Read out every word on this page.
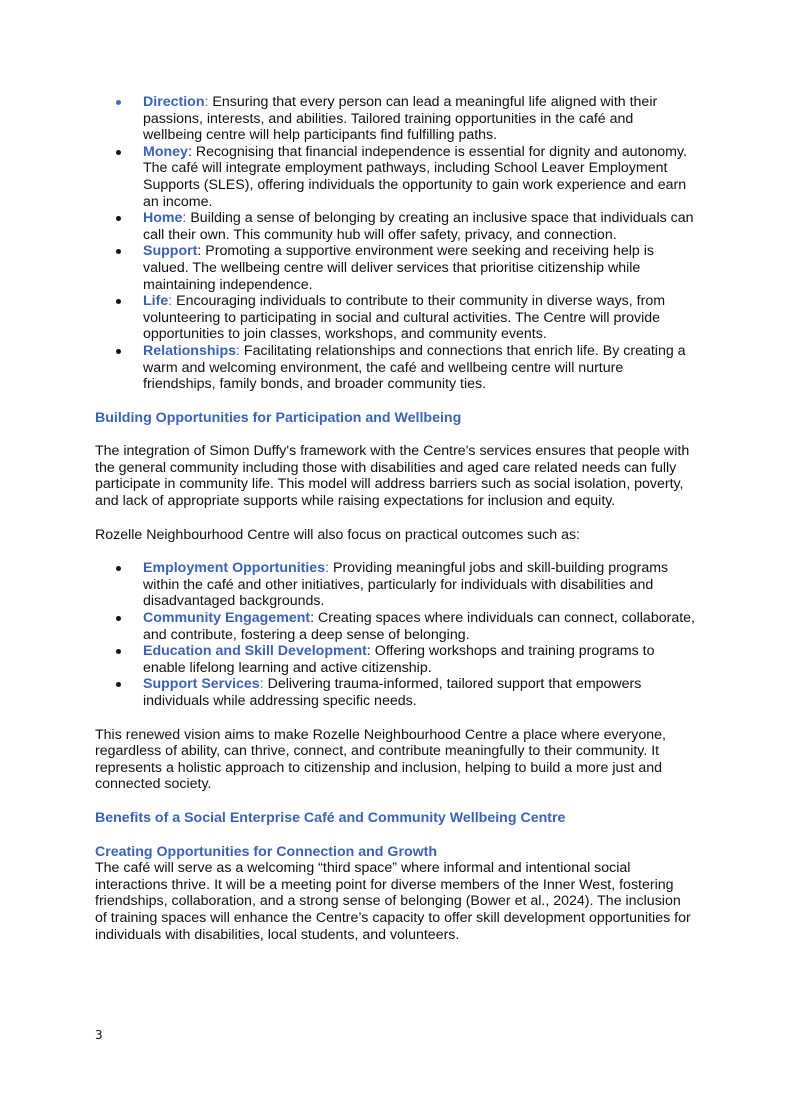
Direction: Ensuring that every person can lead a meaningful life aligned with their passions, interests, and abilities. Tailored training opportunities in the café and wellbeing centre will help participants find fulfilling paths.
Money: Recognising that financial independence is essential for dignity and autonomy. The café will integrate employment pathways, including School Leaver Employment Supports (SLES), offering individuals the opportunity to gain work experience and earn an income.
Home: Building a sense of belonging by creating an inclusive space that individuals can call their own. This community hub will offer safety, privacy, and connection.
Support: Promoting a supportive environment were seeking and receiving help is valued. The wellbeing centre will deliver services that prioritise citizenship while maintaining independence.
Life: Encouraging individuals to contribute to their community in diverse ways, from volunteering to participating in social and cultural activities. The Centre will provide opportunities to join classes, workshops, and community events.
Relationships: Facilitating relationships and connections that enrich life. By creating a warm and welcoming environment, the café and wellbeing centre will nurture friendships, family bonds, and broader community ties.

Building Opportunities for Participation and Wellbeing

The integration of Simon Duffy's framework with the Centre's services ensures that people with the general community including those with disabilities and aged care related needs can fully participate in community life. This model will address barriers such as social isolation, poverty, and lack of appropriate supports while raising expectations for inclusion and equity.

Rozelle Neighbourhood Centre will also focus on practical outcomes such as:

Employment Opportunities: Providing meaningful jobs and skill-building programs within the café and other initiatives, particularly for individuals with disabilities and disadvantaged backgrounds.
Community Engagement: Creating spaces where individuals can connect, collaborate, and contribute, fostering a deep sense of belonging.
Education and Skill Development: Offering workshops and training programs to enable lifelong learning and active citizenship.
Support Services: Delivering trauma-informed, tailored support that empowers individuals while addressing specific needs.

This renewed vision aims to make Rozelle Neighbourhood Centre a place where everyone, regardless of ability, can thrive, connect, and contribute meaningfully to their community. It represents a holistic approach to citizenship and inclusion, helping to build a more just and connected society.

Benefits of a Social Enterprise Café and Community Wellbeing Centre

Creating Opportunities for Connection and Growth

The café will serve as a welcoming “third space” where informal and intentional social interactions thrive. It will be a meeting point for diverse members of the Inner West, fostering friendships, collaboration, and a strong sense of belonging (Bower et al., 2024). The inclusion of training spaces will enhance the Centre’s capacity to offer skill development opportunities for individuals with disabilities, local students, and volunteers.

3
